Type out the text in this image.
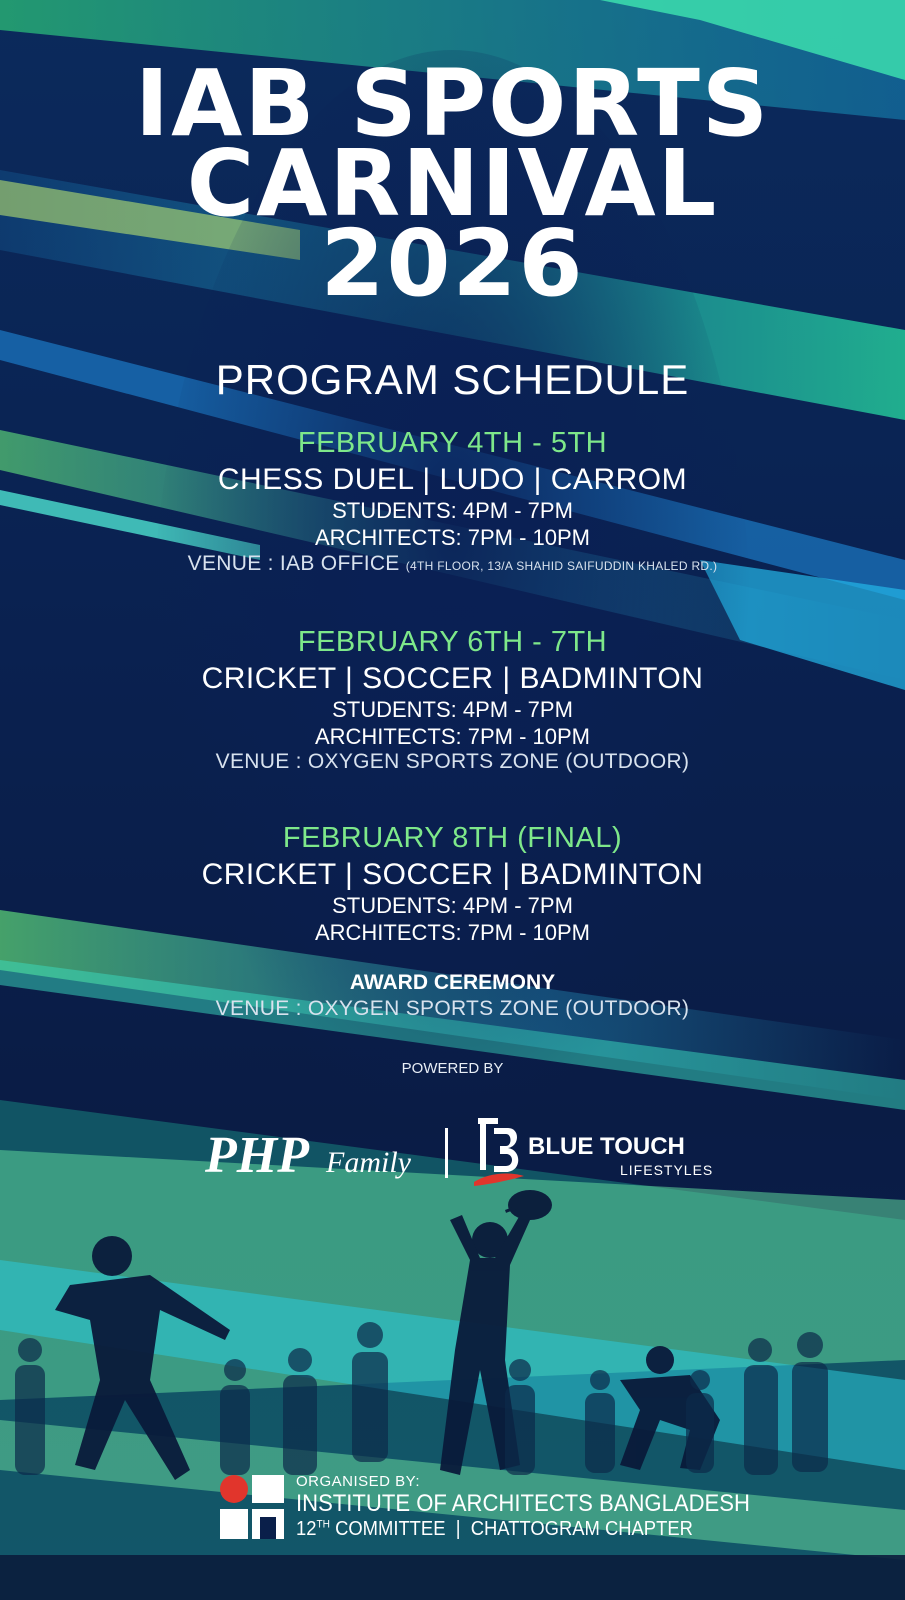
IAB SPORTS
CARNIVAL
2026
PROGRAM SCHEDULE
FEBRUARY 4TH - 5TH
CHESS DUEL | LUDO | CARROM
STUDENTS: 4PM - 7PM
ARCHITECTS: 7PM - 10PM
VENUE : IAB OFFICE (4TH FLOOR, 13/A SHAHID SAIFUDDIN KHALED RD.)
FEBRUARY 6TH - 7TH
CRICKET | SOCCER | BADMINTON
STUDENTS: 4PM - 7PM
ARCHITECTS: 7PM - 10PM
VENUE : OXYGEN SPORTS ZONE (OUTDOOR)
FEBRUARY 8TH (FINAL)
CRICKET | SOCCER | BADMINTON
STUDENTS: 4PM - 7PM
ARCHITECTS: 7PM - 10PM
AWARD CEREMONY
VENUE : OXYGEN SPORTS ZONE (OUTDOOR)
POWERED BY
PHP Family	BLUE TOUCH
LIFESTYLES
ORGANISED BY:
INSTITUTE OF ARCHITECTS BANGLADESH
12TH COMMITTEE  |  CHATTOGRAM CHAPTER
